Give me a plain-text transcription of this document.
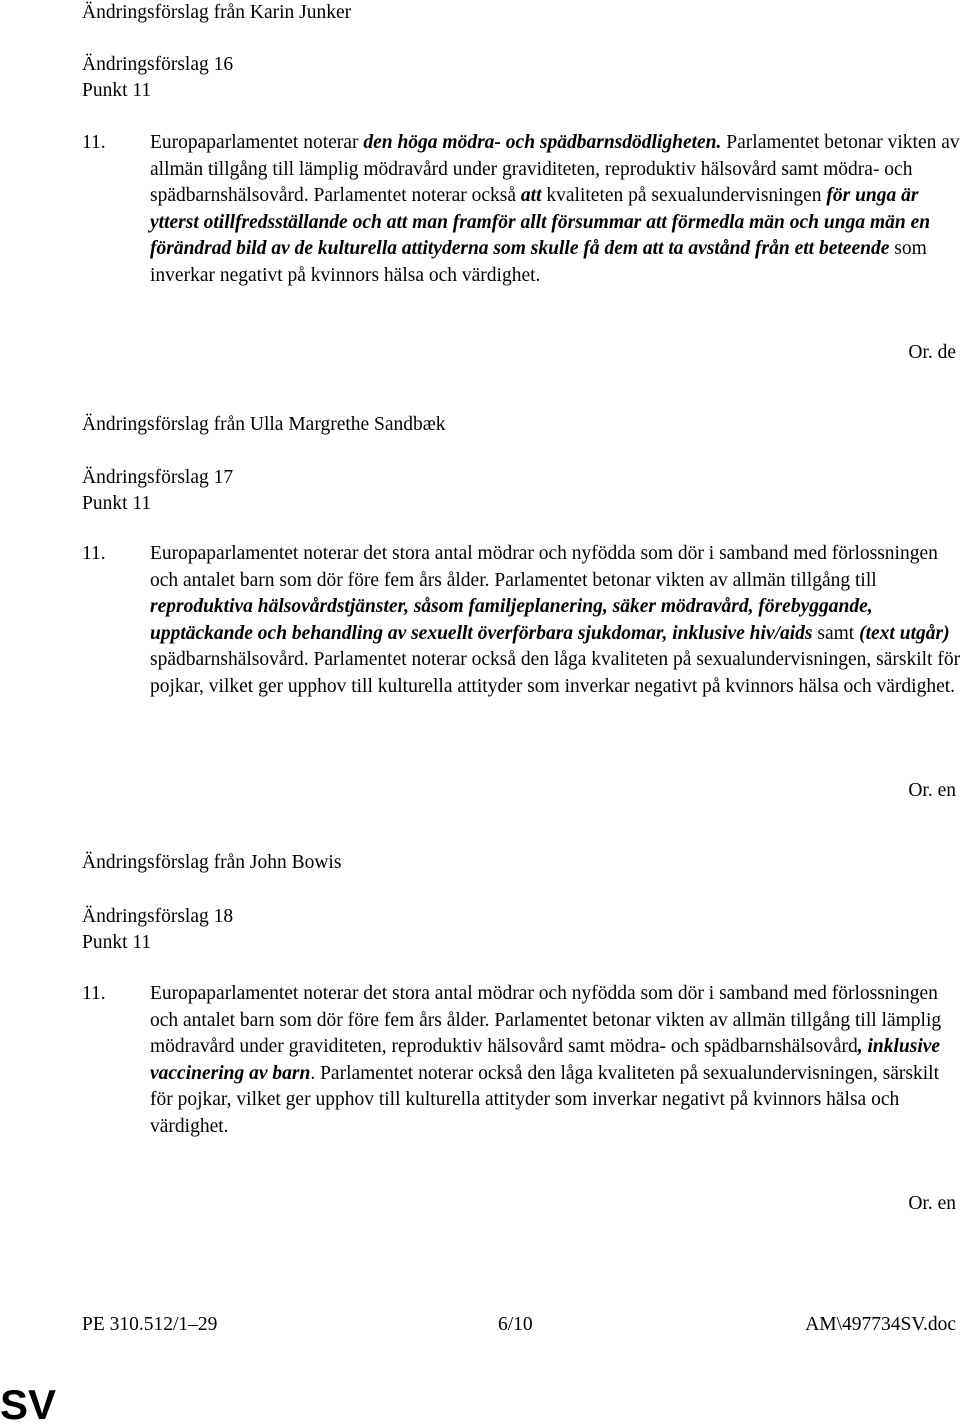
Ändringsförslag från Karin Junker
Ändringsförslag 16
Punkt 11
11. Europaparlamentet noterar den höga mödra- och spädbarnsdödligheten. Parlamentet betonar vikten av allmän tillgång till lämplig mödravård under graviditeten, reproduktiv hälsovård samt mödra- och spädbarnshälsovård. Parlamentet noterar också att kvaliteten på sexualundervisningen för unga är ytterst otillfredsställande och att man framför allt försummar att förmedla män och unga män en förändrad bild av de kulturella attityderna som skulle få dem att ta avstånd från ett beteende som inverkar negativt på kvinnors hälsa och värdighet.
Or. de
Ändringsförslag från Ulla Margrethe Sandbæk
Ändringsförslag 17
Punkt 11
11. Europaparlamentet noterar det stora antal mödrar och nyfödda som dör i samband med förlossningen och antalet barn som dör före fem års ålder. Parlamentet betonar vikten av allmän tillgång till reproduktiva hälsovårdstjänster, såsom familjeplanering, säker mödravård, förebyggande, upptäckande och behandling av sexuellt överförbara sjukdomar, inklusive hiv/aids samt (text utgår) spädbarnshälsovård. Parlamentet noterar också den låga kvaliteten på sexualundervisningen, särskilt för pojkar, vilket ger upphov till kulturella attityder som inverkar negativt på kvinnors hälsa och värdighet.
Or. en
Ändringsförslag från John Bowis
Ändringsförslag 18
Punkt 11
11. Europaparlamentet noterar det stora antal mödrar och nyfödda som dör i samband med förlossningen och antalet barn som dör före fem års ålder. Parlamentet betonar vikten av allmän tillgång till lämplig mödravård under graviditeten, reproduktiv hälsovård samt mödra- och spädbarnshälsovård, inklusive vaccinering av barn. Parlamentet noterar också den låga kvaliteten på sexualundervisningen, särskilt för pojkar, vilket ger upphov till kulturella attityder som inverkar negativt på kvinnors hälsa och värdighet.
Or. en
PE 310.512/1–29	6/10	AM\497734SV.doc
SV
